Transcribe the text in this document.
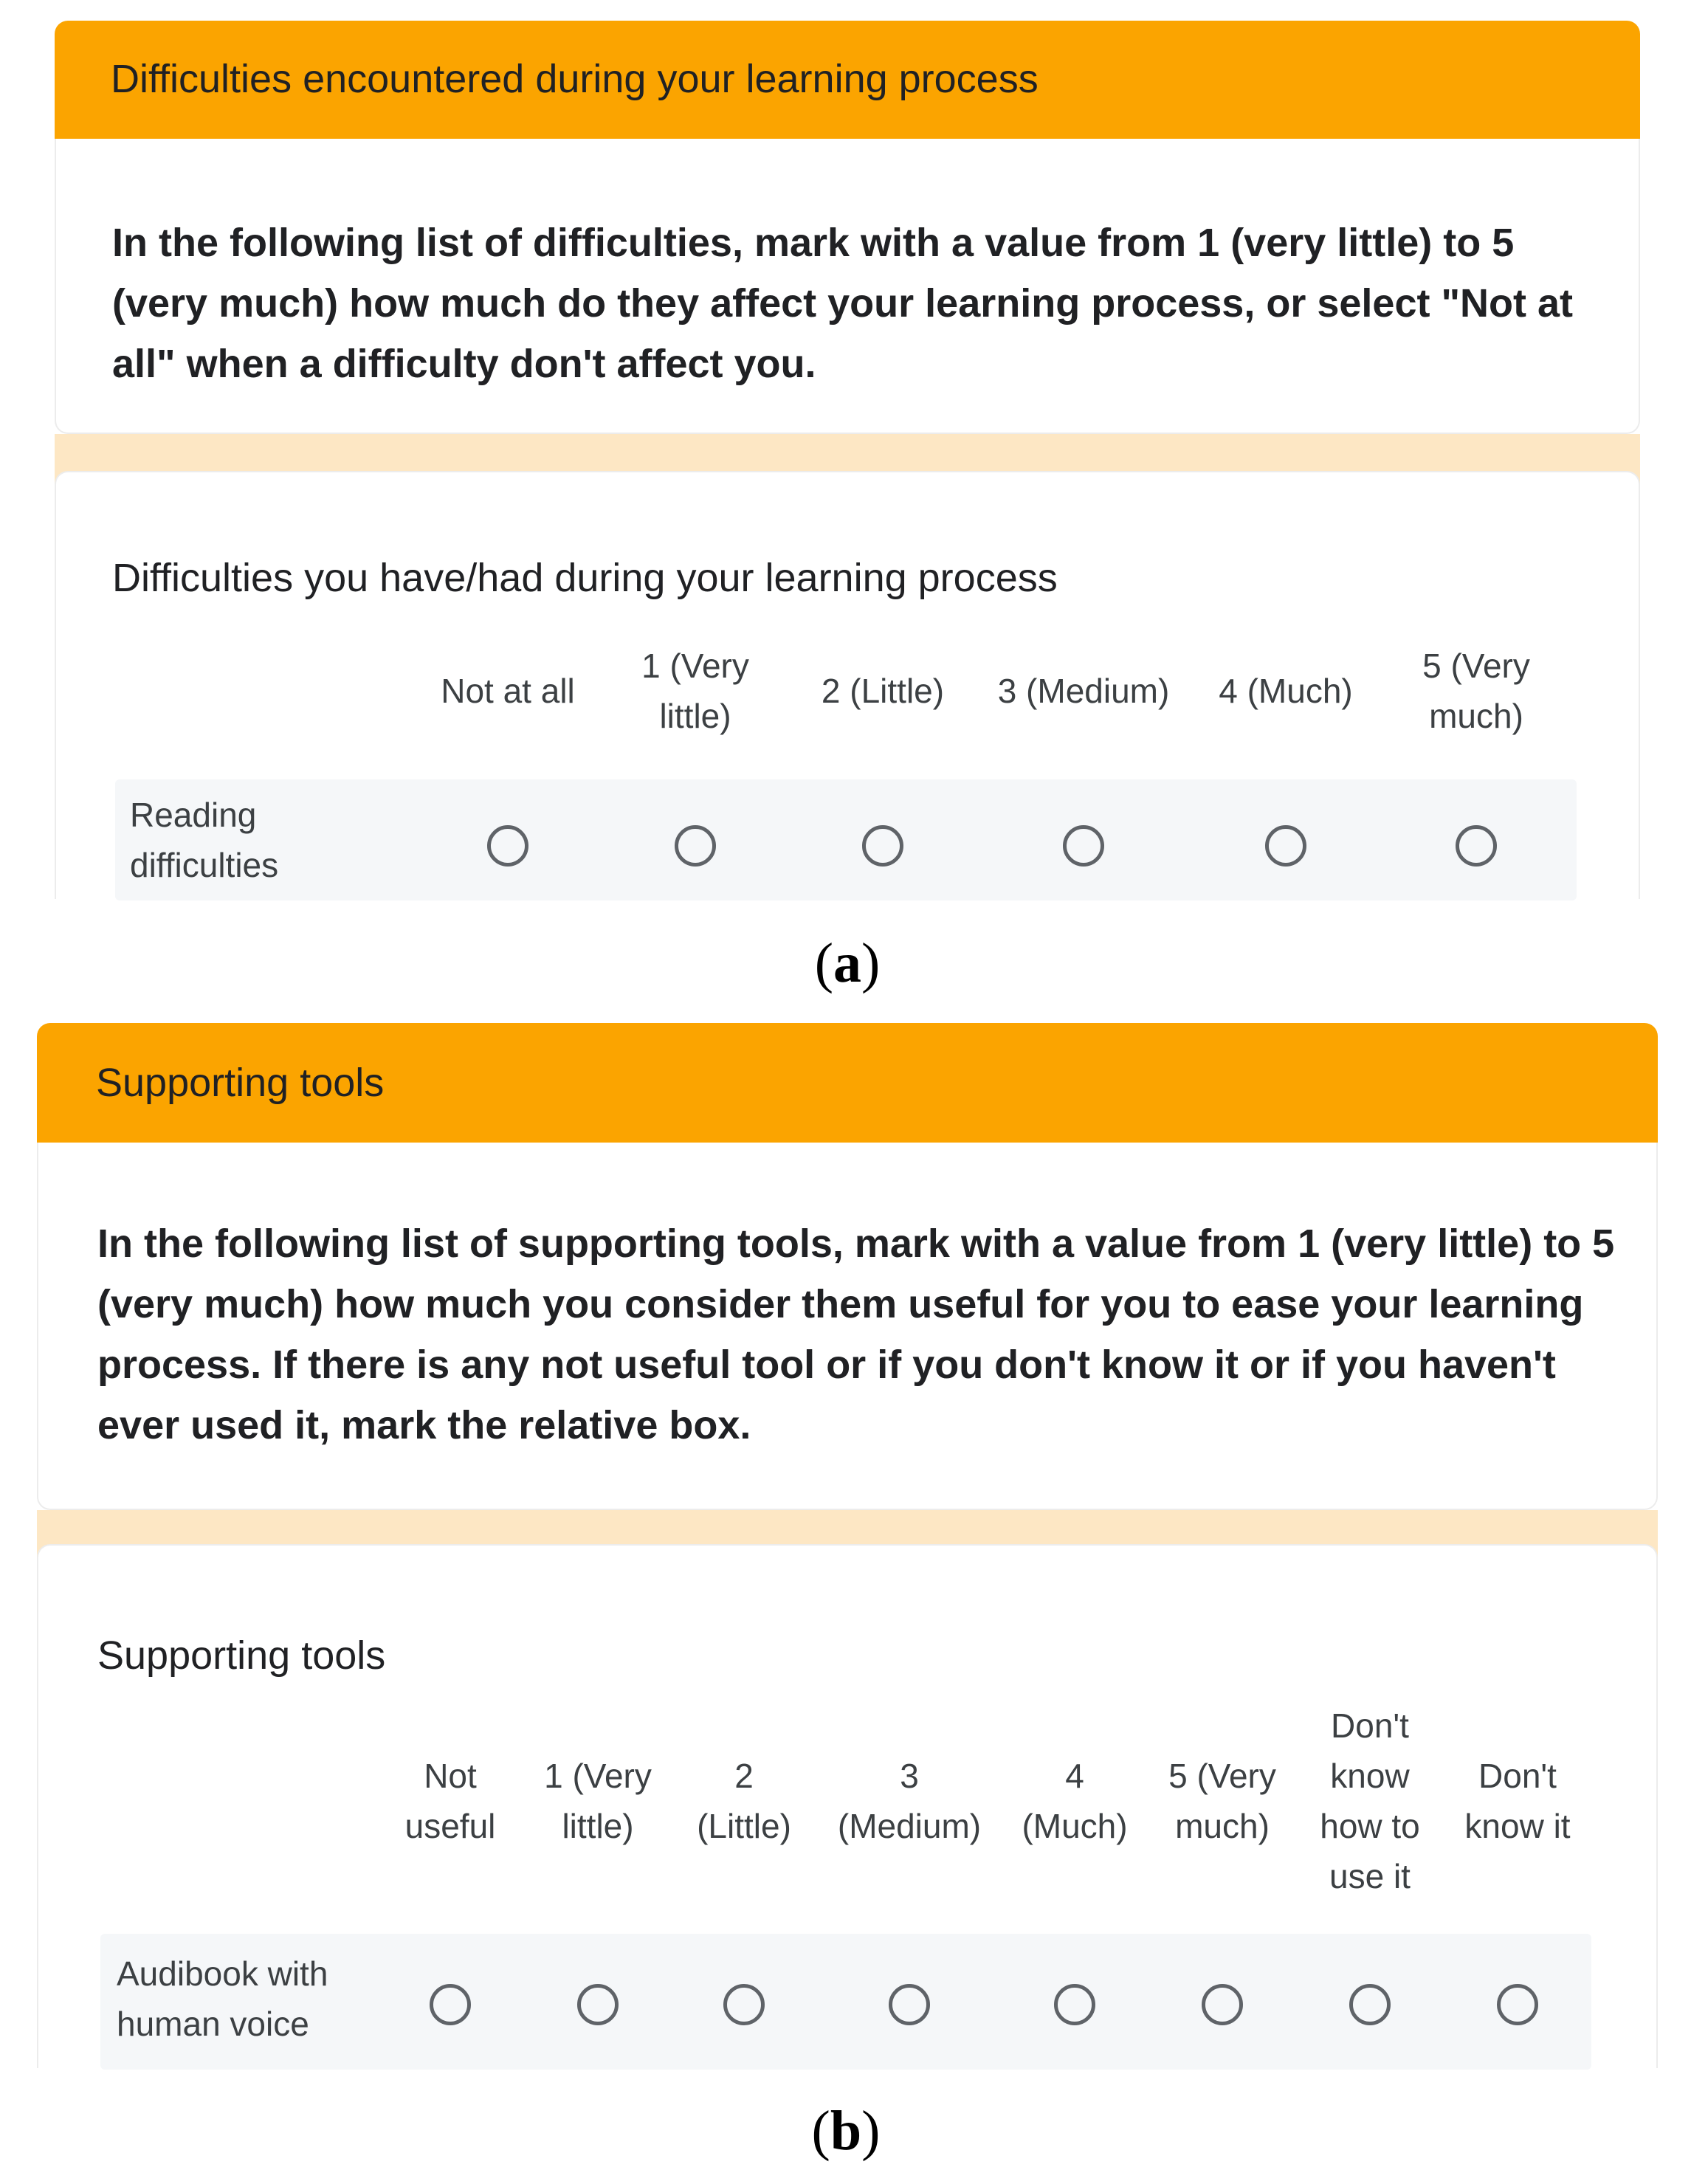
Difficulties encountered during your learning process

In the following list of difficulties, mark with a value from 1 (very little) to 5 (very much) how much do they affect your learning process, or select "Not at all" when a difficulty don't affect you.

Difficulties you have/had during your learning process
Not at all
1 (Very little)
2 (Little)	3 (Medium)	4 (Much)
5 (Very much)
Reading difficulties
(a)
Supporting tools

In the following list of supporting tools, mark with a value from 1 (very little) to 5 (very much) how much you consider them useful for you to ease your learning process. If there is any not useful tool or if you don't know it or if you haven't ever used it, mark the relative box.

Supporting tools
Not useful
1 (Very little)
2 (Little)
3 (Medium)
4 (Much)
5 (Very much)
Don't know how to use it
Don't know it
Audibook with human voice
(b)
